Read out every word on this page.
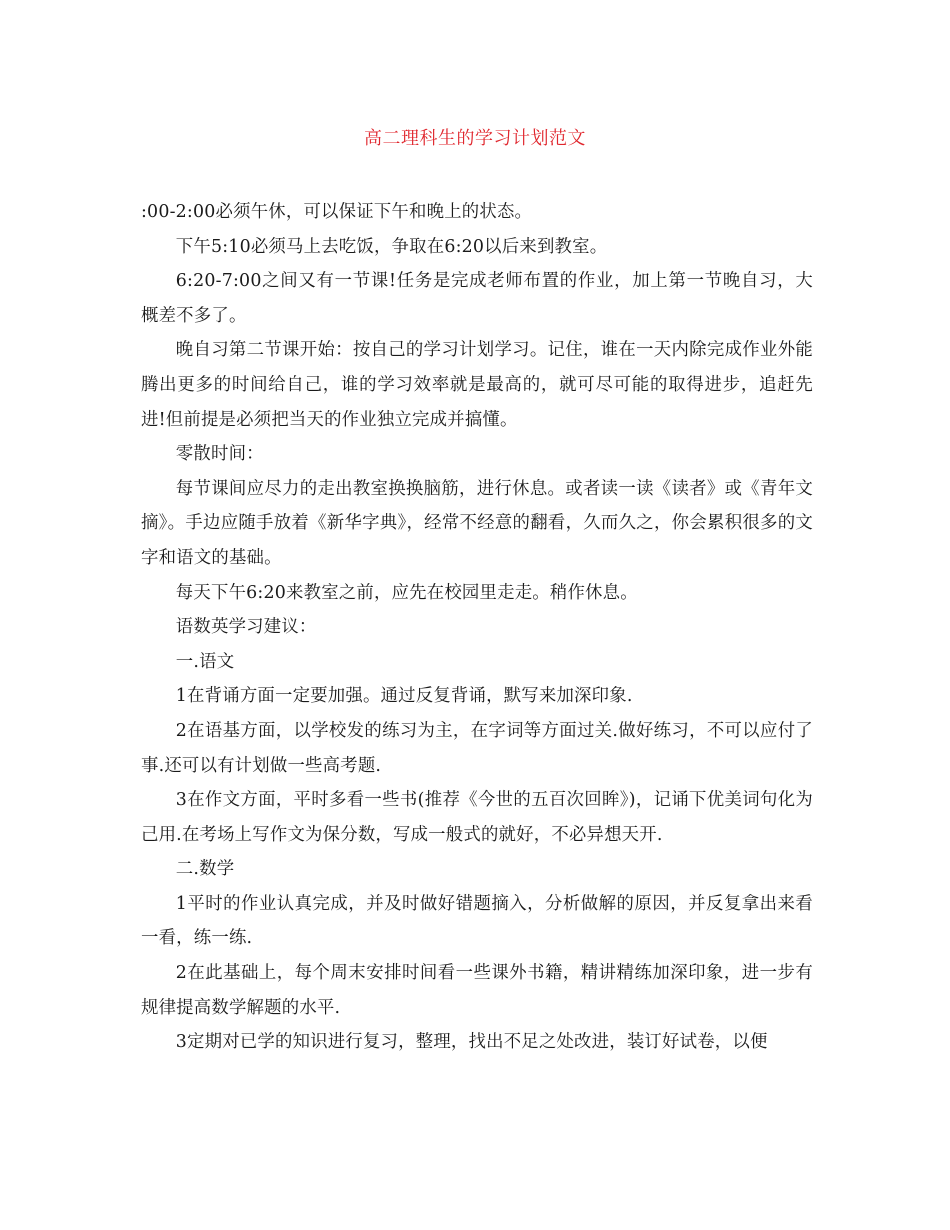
高二理科生的学习计划范文

:00-2:00必须午休，可以保证下午和晚上的状态。

下午5:10必须马上去吃饭，争取在6:20以后来到教室。

6:20-7:00之间又有一节课!任务是完成老师布置的作业，加上第一节晚自习，大概差不多了。

晚自习第二节课开始：按自己的学习计划学习。记住，谁在一天内除完成作业外能腾出更多的时间给自己，谁的学习效率就是最高的，就可尽可能的取得进步，追赶先进!但前提是必须把当天的作业独立完成并搞懂。

零散时间：

每节课间应尽力的走出教室换换脑筋，进行休息。或者读一读《读者》或《青年文摘》。手边应随手放着《新华字典》，经常不经意的翻看，久而久之，你会累积很多的文字和语文的基础。

每天下午6:20来教室之前，应先在校园里走走。稍作休息。

语数英学习建议：

一.语文

1在背诵方面一定要加强。通过反复背诵，默写来加深印象.

2在语基方面，以学校发的练习为主，在字词等方面过关.做好练习，不可以应付了事.还可以有计划做一些高考题.

3在作文方面，平时多看一些书(推荐《今世的五百次回眸》)，记诵下优美词句化为己用.在考场上写作文为保分数，写成一般式的就好，不必异想天开.

二.数学

1平时的作业认真完成，并及时做好错题摘入，分析做解的原因，并反复拿出来看一看，练一练.

2在此基础上，每个周末安排时间看一些课外书籍，精讲精练加深印象，进一步有规律提高数学解题的水平.

3定期对已学的知识进行复习，整理，找出不足之处改进，装订好试卷，以便
